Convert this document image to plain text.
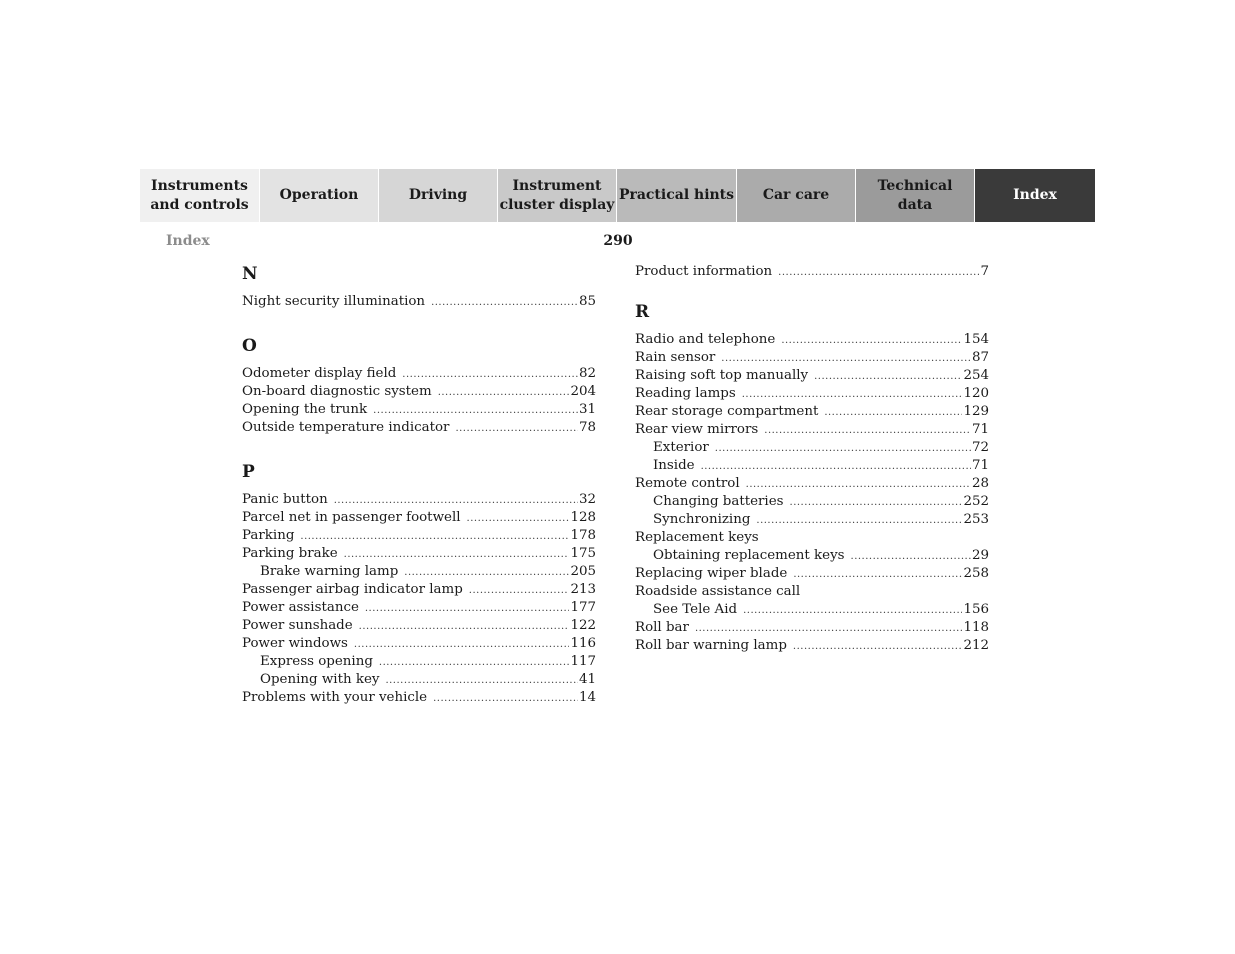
Instruments
and controls
Operation	Driving
Instrument
cluster display
Practical hints Car care
Technical
data
Index
Index	290
N
Night security illumination .....	85
O
Odometer display field .....	82
On-board diagnostic system .....	204
Opening the trunk .....	31
Outside temperature indicator .....	78
P
Panic button .....	32
Parcel net in passenger footwell .....	128
Parking .....	178
Parking brake .....	175
Brake warning lamp .....	205
Passenger airbag indicator lamp .....	213
Power assistance .....	177
Power sunshade .....	122
Power windows .....	116
Express opening .....	117
Opening with key .....	41
Problems with your vehicle .....	14
Product information .....	7
R
Radio and telephone .....	154
Rain sensor .....	87
Raising soft top manually .....	254
Reading lamps .....	120
Rear storage compartment .....	129
Rear view mirrors .....	71
Exterior .....	72
Inside .....	71
Remote control .....	28
Changing batteries .....	252
Synchronizing .....	253
Replacement keys
Obtaining replacement keys .....	29
Replacing wiper blade .....	258
Roadside assistance call
See Tele Aid .....	156
Roll bar .....	118
Roll bar warning lamp .....	212
